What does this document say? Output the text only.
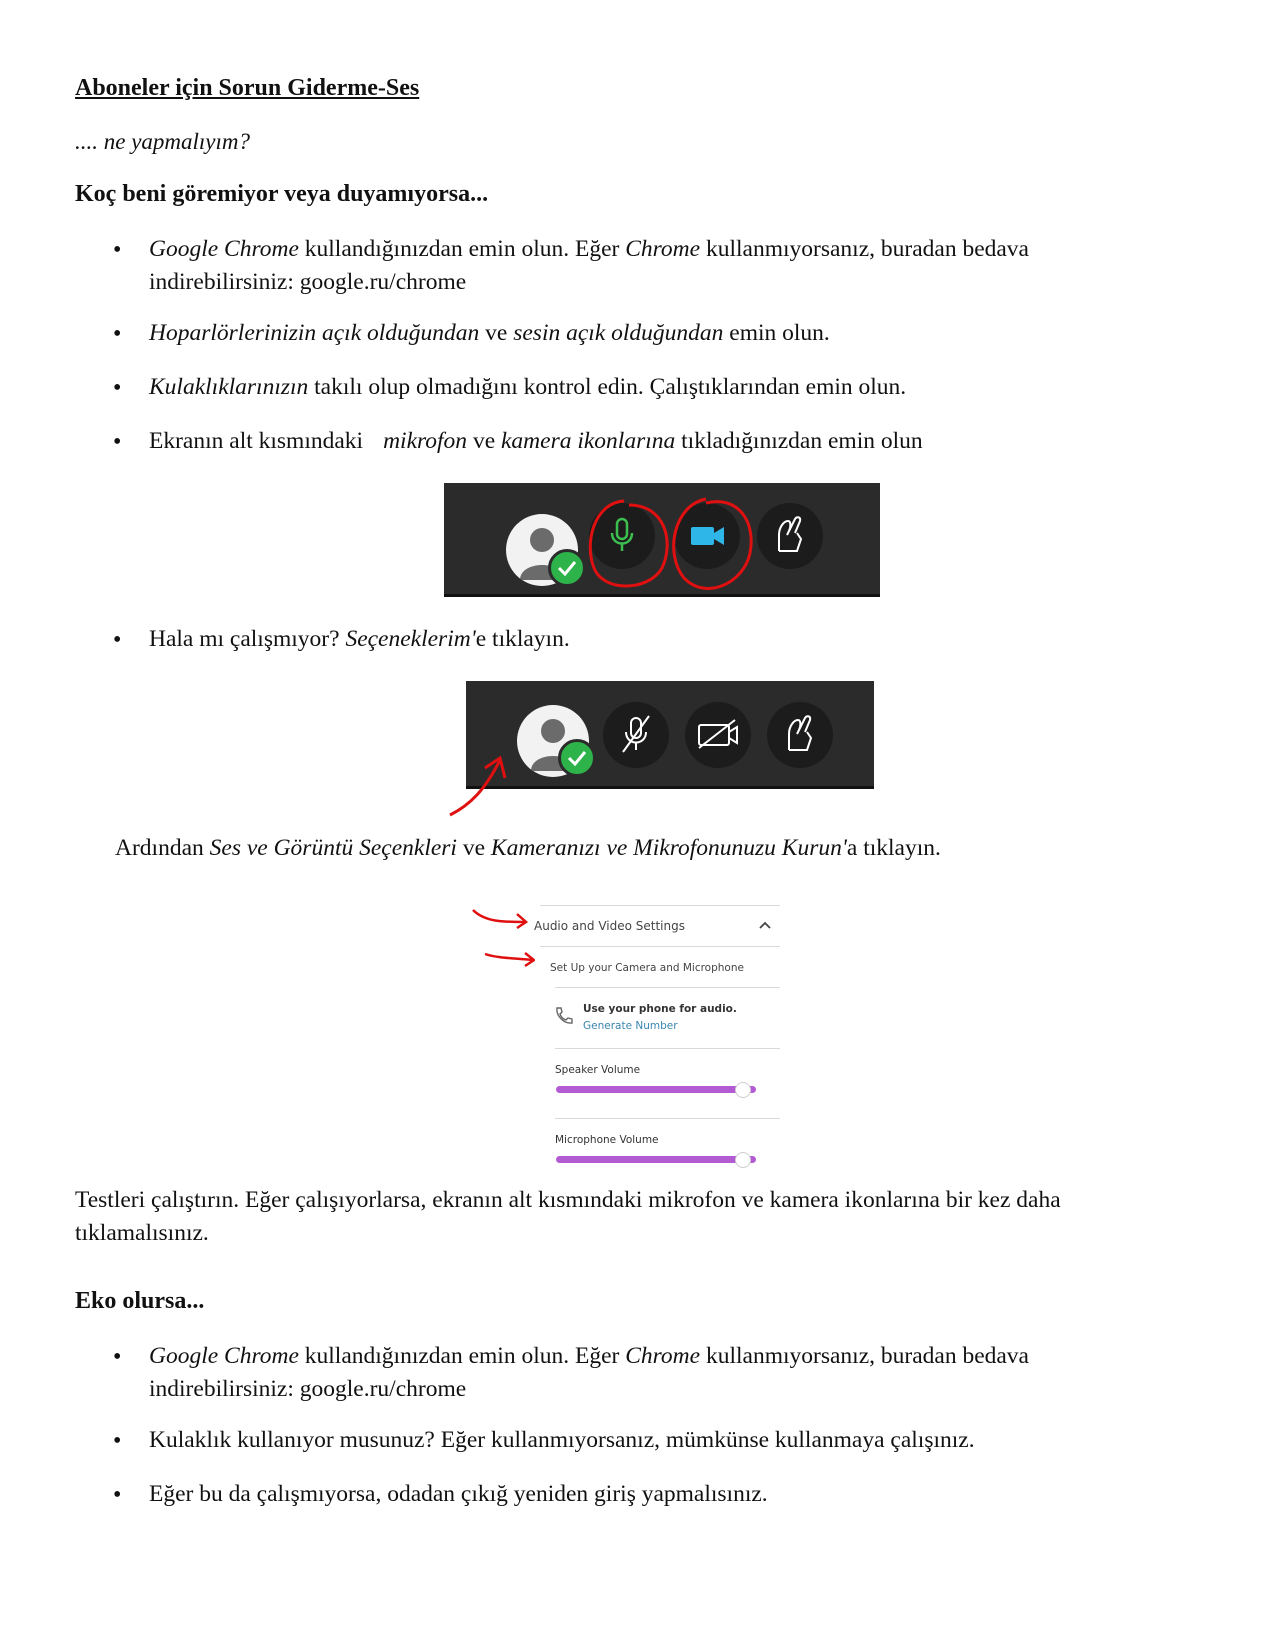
Aboneler için Sorun Giderme-Ses
.... ne yapmalıyım?
Koç beni göremiyor veya duyamıyorsa...
• Google Chrome kullandığınızdan emin olun. Eğer Chrome kullanmıyorsanız, buradan bedava
indirebilirsiniz: google.ru/chrome
• Hoparlörlerinizin açık olduğundan ve sesin açık olduğundan emin olun.
• Kulaklıklarınızın takılı olup olmadığını kontrol edin. Çalıştıklarından emin olun.
• Ekranın alt kısmındaki mikrofon ve kamera ikonlarına tıkladığınızdan emin olun
• Hala mı çalışmıyor? Seçeneklerim'e tıklayın.
Ardından Ses ve Görüntü Seçenkleri ve Kameranızı ve Mikrofonunuzu Kurun'a tıklayın.
Audio and Video Settings
Set Up your Camera and Microphone
Use your phone for audio.
Generate Number
Speaker Volume
Microphone Volume
Testleri çalıştırın. Eğer çalışıyorlarsa, ekranın alt kısmındaki mikrofon ve kamera ikonlarına bir kez daha
tıklamalısınız.
Eko olursa...
• Google Chrome kullandığınızdan emin olun. Eğer Chrome kullanmıyorsanız, buradan bedava
indirebilirsiniz: google.ru/chrome
• Kulaklık kullanıyor musunuz? Eğer kullanmıyorsanız, mümkünse kullanmaya çalışınız.
• Eğer bu da çalışmıyorsa, odadan çıkığ yeniden giriş yapmalısınız.
